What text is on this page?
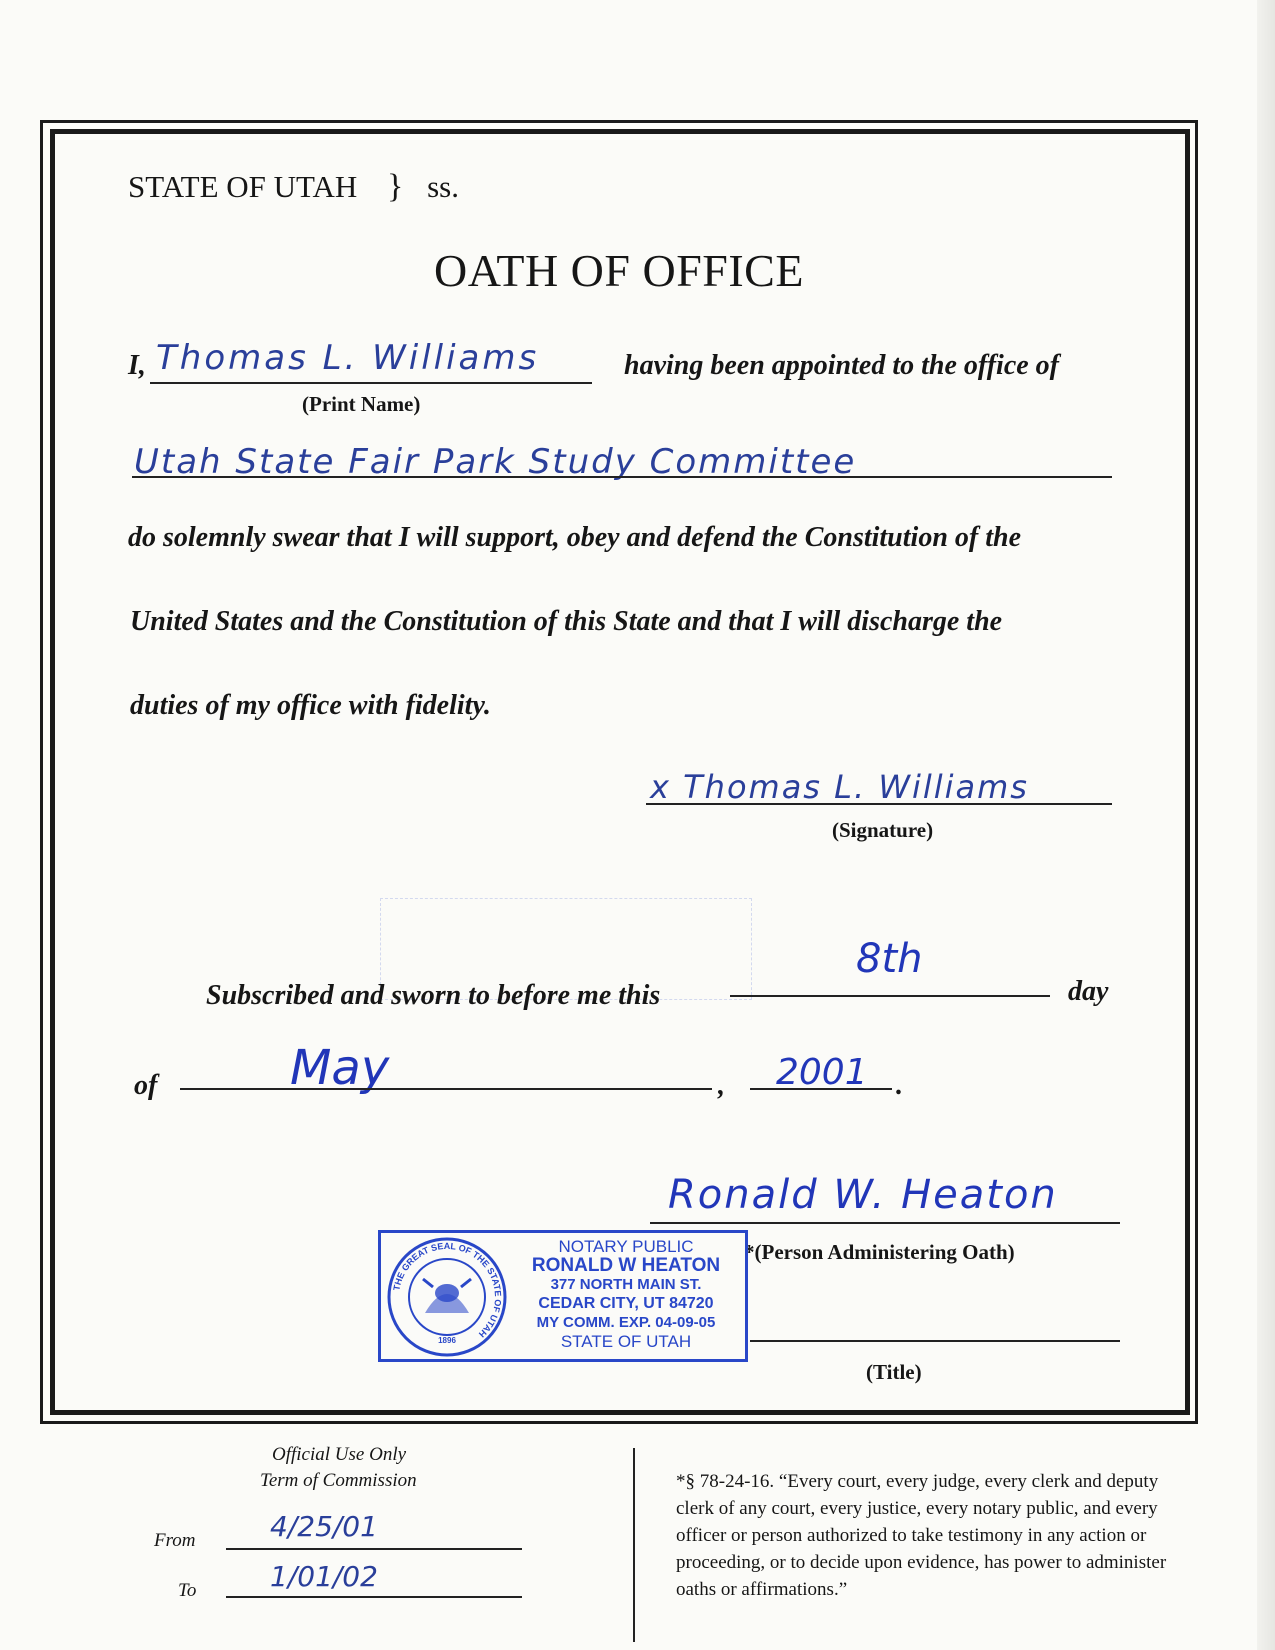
STATE OF UTAH } ss.
OATH OF OFFICE
I, Thomas L. Williams
(Print Name)
having been appointed to the office of
Utah State Fair Park Study Committee
do solemnly swear that I will support, obey and defend the Constitution of the
United States and the Constitution of this State and that I will discharge the
duties of my office with fidelity.
x Thomas L. Williams
(Signature)
Subscribed and sworn to before me this
8th
day
of	May	, 2001 .
Ronald W. Heaton
*(Person Administering Oath)
(Title)
THE GREAT SEAL OF THE STATE OF UTAH
1896
NOTARY PUBLIC
RONALD W HEATON
377 NORTH MAIN ST.
CEDAR CITY, UT 84720
MY COMM. EXP. 04-09-05
STATE OF UTAH
Official Use Only
Term of Commission
From	4/25/01
To	1/01/02
*§ 78-24-16. “Every court, every judge, every clerk and deputy clerk of any court, every justice, every notary public, and every officer or person authorized to take testimony in any action or proceeding, or to decide upon evidence, has power to administer oaths or affirmations.”
